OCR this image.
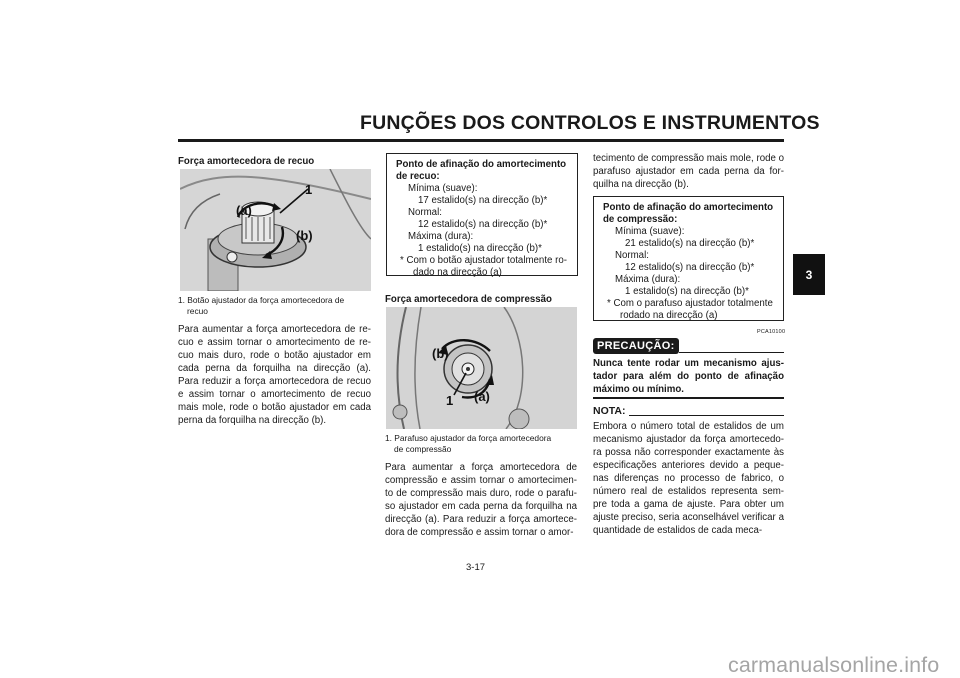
FUNÇÕES DOS CONTROLOS E INSTRUMENTOS
3
Força amortecedora de recuo
(a)
(b)
1
1. Botão ajustador da força amortecedora de
recuo
Para aumentar a força amortecedora de re-cuo e assim tornar o amortecimento de re-cuo mais duro, rode o botão ajustador em cada perna da forquilha na direcção (a). Para reduzir a força amortecedora de recuo e assim tornar o amortecimento de recuo mais mole, rode o botão ajustador em cada perna da forquilha na direcção (b).
Ponto de afinação do amortecimento
de recuo:
Mínima (suave):
17 estalido(s) na direcção (b)*
Normal:
12 estalido(s) na direcção (b)*
Máxima (dura):
1 estalido(s) na direcção (b)*
* Com o botão ajustador totalmente ro-
dado na direcção (a)
Força amortecedora de compressão
(b)
(a)
1
1. Parafuso ajustador da força amortecedora
de compressão
Para aumentar a força amortecedora de compressão e assim tornar o amortecimen-to de compressão mais duro, rode o parafu-so ajustador em cada perna da forquilha na direcção (a). Para reduzir a força amortece-dora de compressão e assim tornar o amor-
tecimento de compressão mais mole, rode o parafuso ajustador em cada perna da for-quilha na direcção (b).
Ponto de afinação do amortecimento
de compressão:
Mínima (suave):
21 estalido(s) na direcção (b)*
Normal:
12 estalido(s) na direcção (b)*
Máxima (dura):
1 estalido(s) na direcção (b)*
* Com o parafuso ajustador totalmente
rodado na direcção (a)
PCA10100
PRECAUÇÃO:
Nunca tente rodar um mecanismo ajus-tador para além do ponto de afinação máximo ou mínimo.
NOTA:
Embora o número total de estalidos de um mecanismo ajustador da força amortecedo-ra possa não corresponder exactamente às especificações anteriores devido a peque-nas diferenças no processo de fabrico, o número real de estalidos representa sem-pre toda a gama de ajuste. Para obter um ajuste preciso, seria aconselhável verificar a quantidade de estalidos de cada meca-
3-17
carmanualsonline.info
